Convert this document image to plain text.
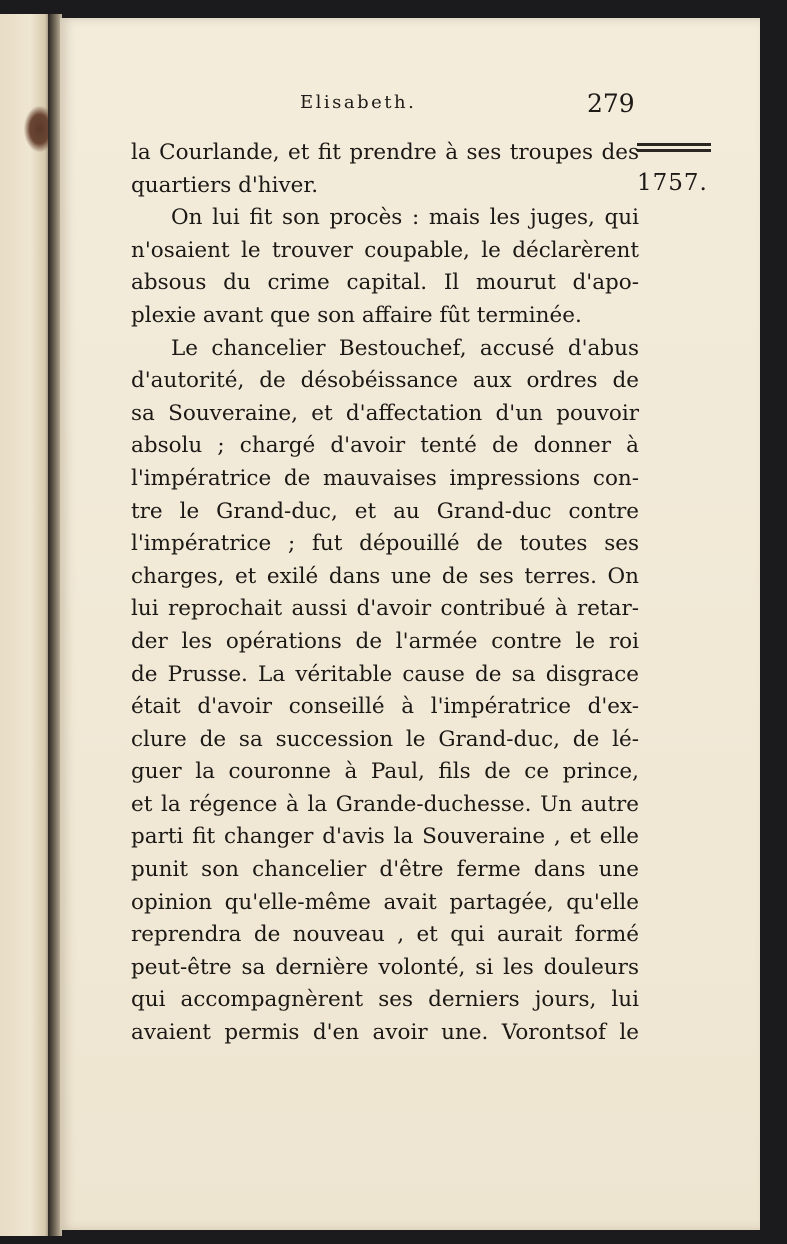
Elisabeth.	279
1757.
la Courlande, et fit prendre à ses troupes des
quartiers d'hiver.
On lui fit son procès : mais les juges, qui
n'osaient le trouver coupable, le déclarèrent
absous du crime capital. Il mourut d'apo-
plexie avant que son affaire fût terminée.
Le chancelier Bestouchef, accusé d'abus
d'autorité, de désobéissance aux ordres de
sa Souveraine, et d'affectation d'un pouvoir
absolu ; chargé d'avoir tenté de donner à
l'impératrice de mauvaises impressions con-
tre le Grand-duc, et au Grand-duc contre
l'impératrice ; fut dépouillé de toutes ses
charges, et exilé dans une de ses terres. On
lui reprochait aussi d'avoir contribué à retar-
der les opérations de l'armée contre le roi
de Prusse. La véritable cause de sa disgrace
était d'avoir conseillé à l'impératrice d'ex-
clure de sa succession le Grand-duc, de lé-
guer la couronne à Paul, fils de ce prince,
et la régence à la Grande-duchesse. Un autre
parti fit changer d'avis la Souveraine , et elle
punit son chancelier d'être ferme dans une
opinion qu'elle-même avait partagée, qu'elle
reprendra de nouveau , et qui aurait formé
peut-être sa dernière volonté, si les douleurs
qui accompagnèrent ses derniers jours, lui
avaient permis d'en avoir une. Vorontsof le
